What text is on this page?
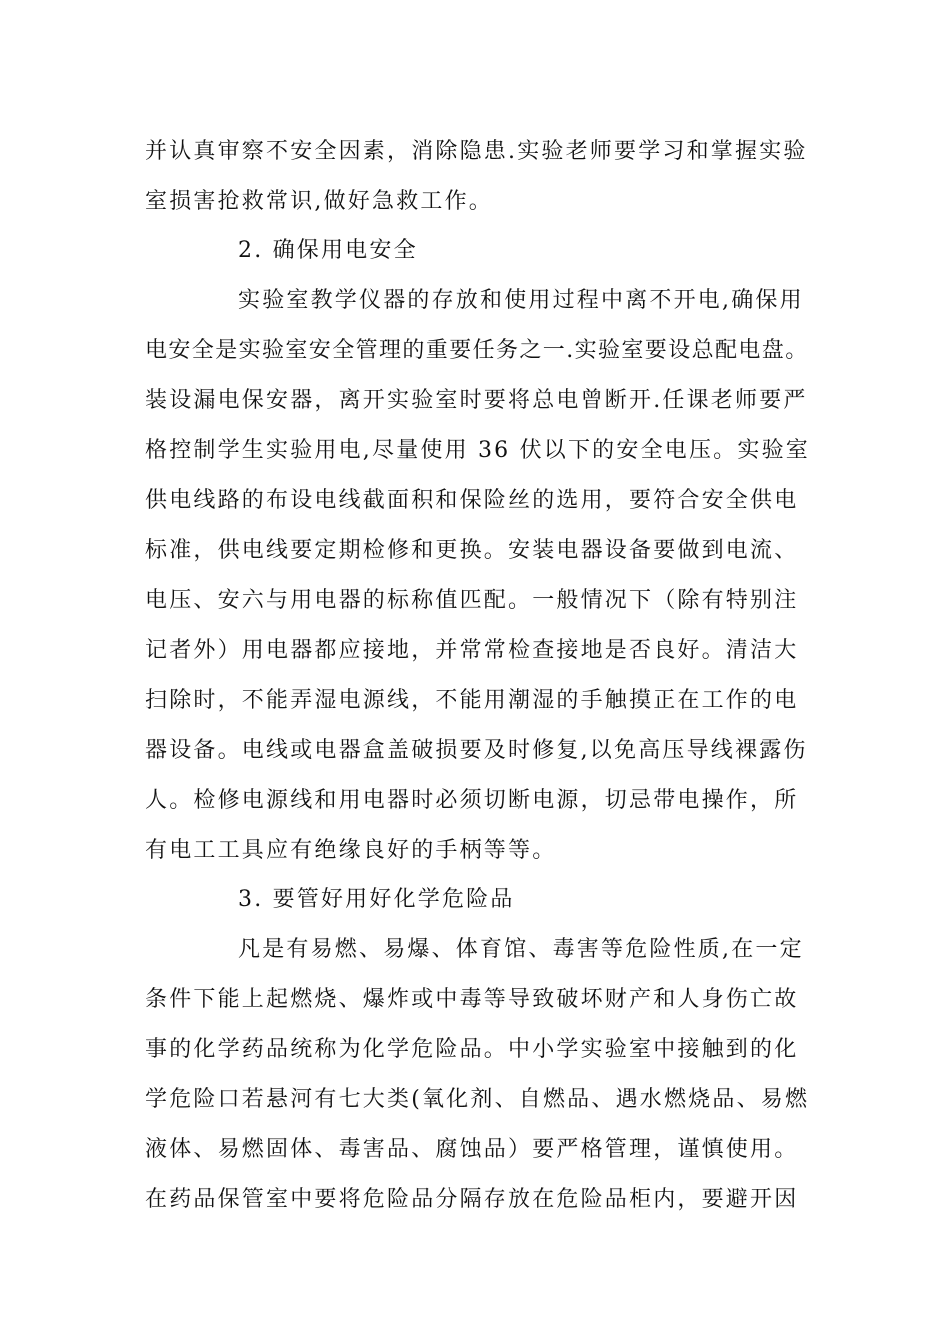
并认真审察不安全因素，消除隐患.实验老师要学习和掌握实验
室损害抢救常识,做好急救工作。
2. 确保用电安全
实验室教学仪器的存放和使用过程中离不开电,确保用
电安全是实验室安全管理的重要任务之一.实验室要设总配电盘。
装设漏电保安器，离开实验室时要将总电曾断开.任课老师要严
格控制学生实验用电,尽量使用 36 伏以下的安全电压。实验室
供电线路的布设电线截面积和保险丝的选用，要符合安全供电
标准，供电线要定期检修和更换。安装电器设备要做到电流、
电压、安六与用电器的标称值匹配。一般情况下（除有特别注
记者外）用电器都应接地，并常常检查接地是否良好。清洁大
扫除时，不能弄湿电源线，不能用潮湿的手触摸正在工作的电
器设备。电线或电器盒盖破损要及时修复,以免高压导线裸露伤
人。检修电源线和用电器时必须切断电源，切忌带电操作，所
有电工工具应有绝缘良好的手柄等等。
3. 要管好用好化学危险品
凡是有易燃、易爆、体育馆、毒害等危险性质,在一定
条件下能上起燃烧、爆炸或中毒等导致破坏财产和人身伤亡故
事的化学药品统称为化学危险品。中小学实验室中接触到的化
学危险口若悬河有七大类(氧化剂、自燃品、遇水燃烧品、易燃
液体、易燃固体、毒害品、腐蚀品）要严格管理，谨慎使用。
在药品保管室中要将危险品分隔存放在危险品柜内，要避开因
